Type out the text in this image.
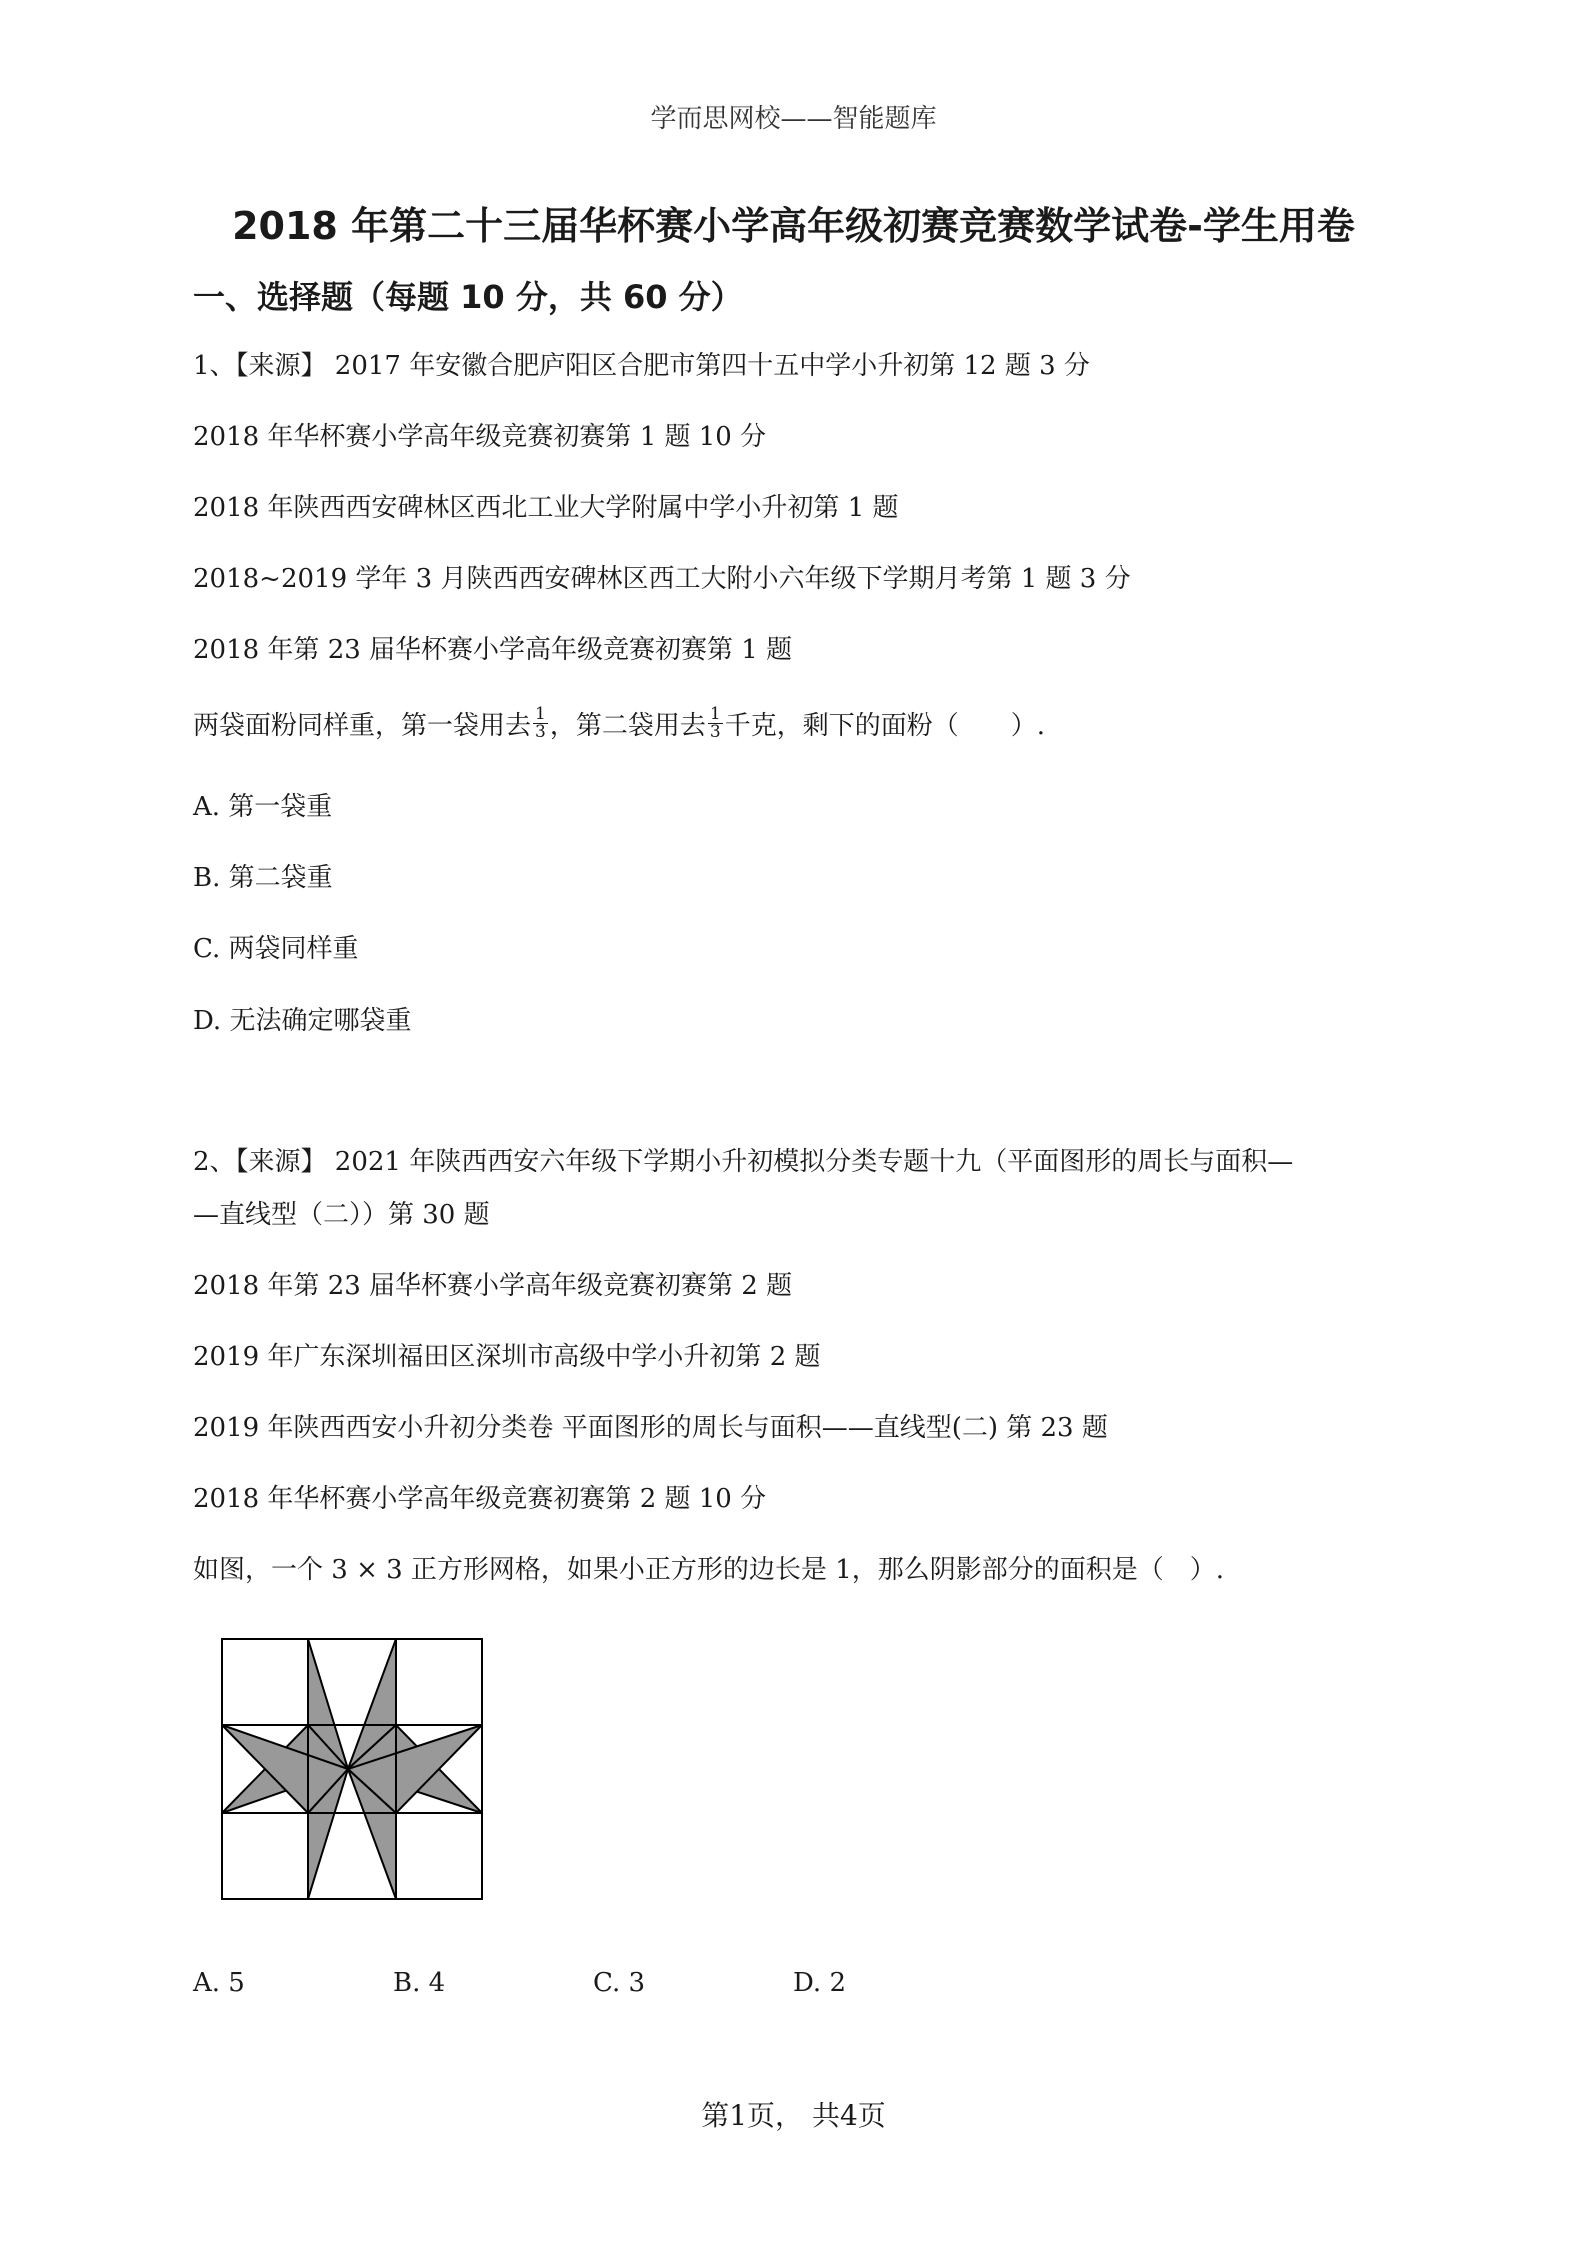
学而思网校——智能题库
2018 年第二十三届华杯赛小学高年级初赛竞赛数学试卷-学生用卷
一、选择题（每题 10 分，共 60 分）
1、【来源】 2017 年安徽合肥庐阳区合肥市第四十五中学小升初第 12 题 3 分
2018 年华杯赛小学高年级竞赛初赛第 1 题 10 分
2018 年陕西西安碑林区西北工业大学附属中学小升初第 1 题
2018~2019 学年 3 月陕西西安碑林区西工大附小六年级下学期月考第 1 题 3 分
2018 年第 23 届华杯赛小学高年级竞赛初赛第 1 题
两袋面粉同样重，第一袋用去 $\frac{1}{3}$ ，第二袋用去 $\frac{1}{3}$ 千克，剩下的面粉（　　）.
A. 第一袋重
B. 第二袋重
C. 两袋同样重
D. 无法确定哪袋重
2、【来源】 2021 年陕西西安六年级下学期小升初模拟分类专题十九（平面图形的周长与面积—
—直线型（二））第 30 题
2018 年第 23 届华杯赛小学高年级竞赛初赛第 2 题
2019 年广东深圳福田区深圳市高级中学小升初第 2 题
2019 年陕西西安小升初分类卷 平面图形的周长与面积——直线型(二) 第 23 题
2018 年华杯赛小学高年级竞赛初赛第 2 题 10 分
如图，一个 3 × 3 正方形网格，如果小正方形的边长是 1，那么阴影部分的面积是（　）.
A. 5	B. 4	C. 3	D. 2
第1页， 共4页
